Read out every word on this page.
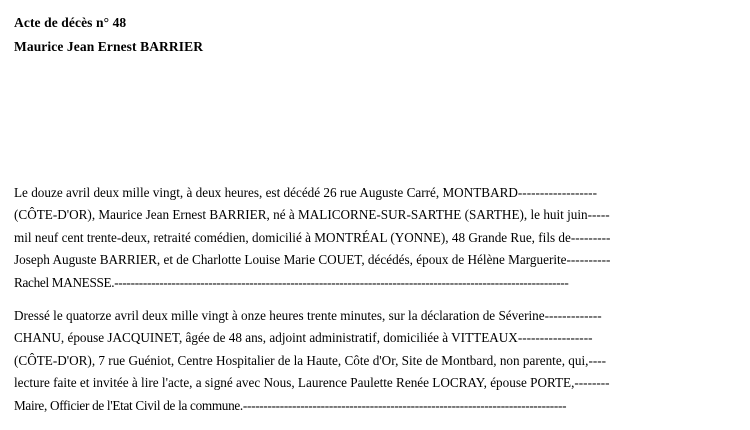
Acte de décès n° 48
Maurice Jean Ernest BARRIER
Le douze avril deux mille vingt, à deux heures, est décédé 26 rue Auguste Carré, MONTBARD------------------
(CÔTE-D'OR), Maurice Jean Ernest BARRIER, né à MALICORNE-SUR-SARTHE (SARTHE), le huit juin-----
mil neuf cent trente-deux, retraité comédien, domicilié à MONTRÉAL (YONNE), 48 Grande Rue, fils de---------
Joseph Auguste BARRIER, et de Charlotte Louise Marie COUET, décédés, époux de Hélène Marguerite----------
Rachel MANESSE.---------------------------------------------------------------------------------------------------------------
Dressé le quatorze avril deux mille vingt à onze heures trente minutes, sur la déclaration de Séverine-------------
CHANU, épouse JACQUINET, âgée de 48 ans, adjoint administratif, domiciliée à VITTEAUX-----------------
(CÔTE-D'OR), 7 rue Guéniot, Centre Hospitalier de la Haute, Côte d'Or, Site de Montbard, non parente, qui,----
lecture faite et invitée à lire l'acte, a signé avec Nous, Laurence Paulette Renée LOCRAY, épouse PORTE,--------
Maire, Officier de l'Etat Civil de la commune.-------------------------------------------------------------------------------
